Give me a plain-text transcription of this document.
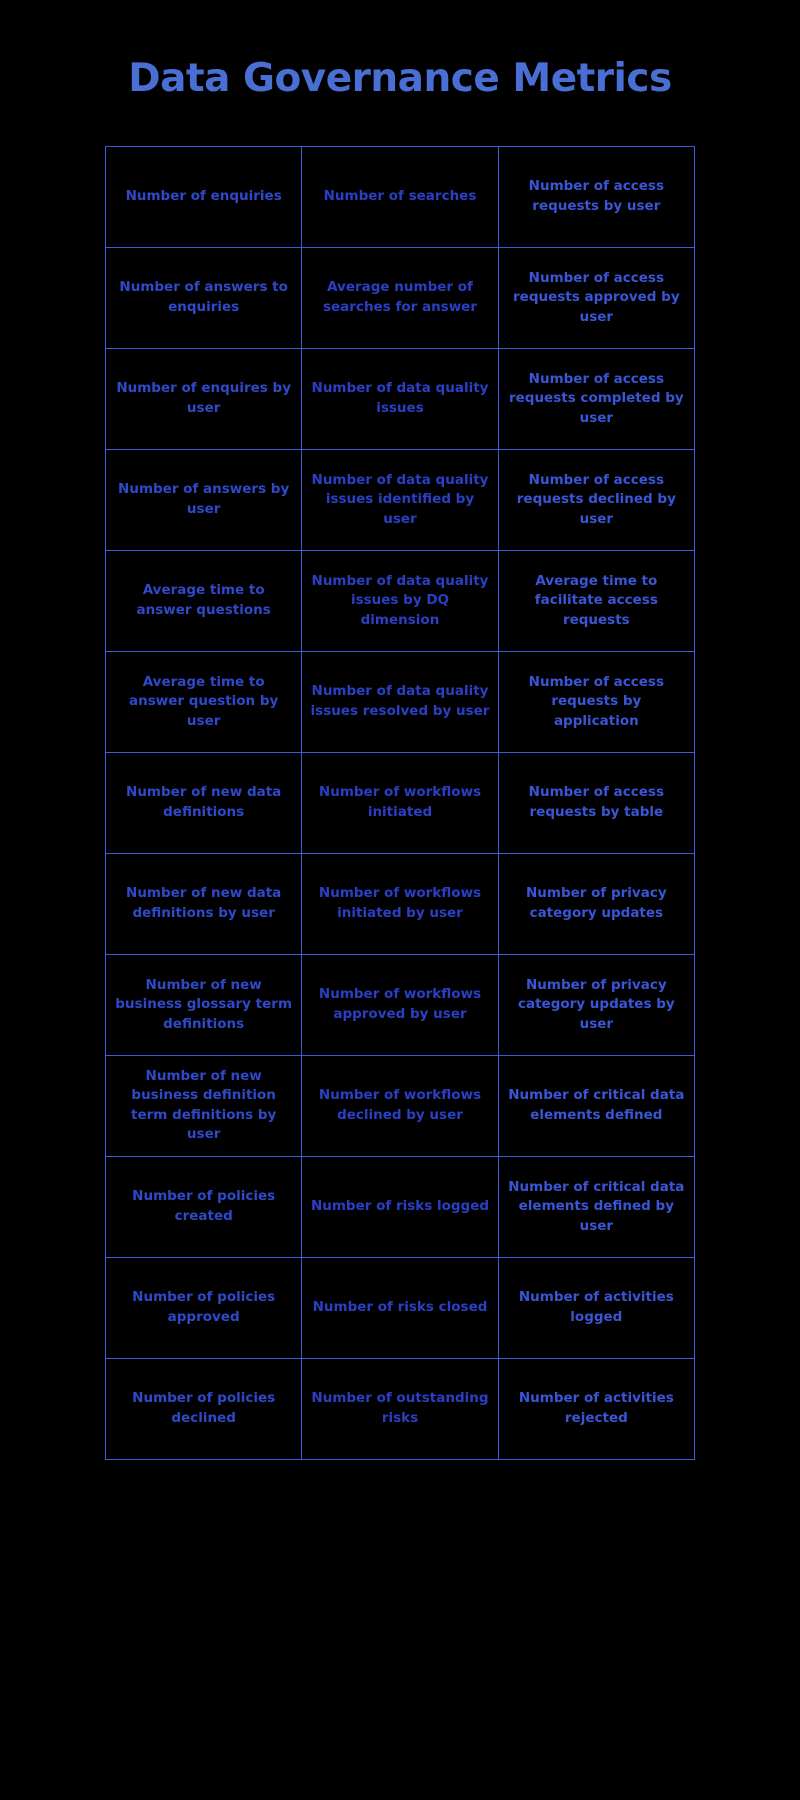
Data Governance Metrics
Number of enquiries	Number of searches	Number of access requests by user
Number of answers to enquiries	Average number of searches for answer	Number of access requests approved by user
Number of enquires by user	Number of data quality issues	Number of access requests completed by user
Number of answers by user	Number of data quality issues identified by user	Number of access requests declined by user
Average time to answer questions	Number of data quality issues by DQ dimension	Average time to facilitate access requests
Average time to answer question by user	Number of data quality issues resolved by user	Number of access requests by application
Number of new data definitions	Number of workflows initiated	Number of access requests by table
Number of new data definitions by user	Number of workflows initiated by user	Number of privacy category updates
Number of new business glossary term definitions	Number of workflows approved by user	Number of privacy category updates by user
Number of new business definition term definitions by user	Number of workflows declined by user	Number of critical data elements defined
Number of policies created	Number of risks logged	Number of critical data elements defined by user
Number of policies approved	Number of risks closed	Number of activities logged
Number of policies declined	Number of outstanding risks	Number of activities rejected
